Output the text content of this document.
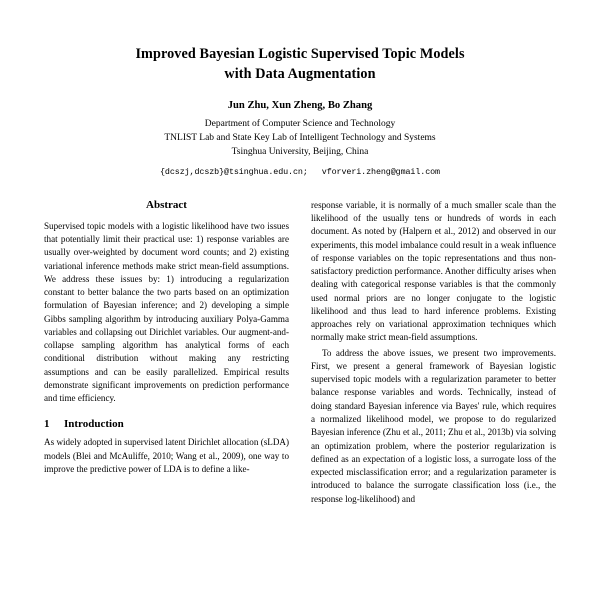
Improved Bayesian Logistic Supervised Topic Models
with Data Augmentation
Jun Zhu, Xun Zheng, Bo Zhang
Department of Computer Science and Technology
TNLIST Lab and State Key Lab of Intelligent Technology and Systems
Tsinghua University, Beijing, China
{dcszj,dcszb}@tsinghua.edu.cn; vforveri.zheng@gmail.com
Abstract

Supervised topic models with a logistic likelihood have two issues that potentially limit their practical use: 1) response variables are usually over-weighted by document word counts; and 2) existing variational inference methods make strict mean-field assumptions. We address these issues by: 1) introducing a regularization constant to better balance the two parts based on an optimization formulation of Bayesian inference; and 2) developing a simple Gibbs sampling algorithm by introducing auxiliary Polya-Gamma variables and collapsing out Dirichlet variables. Our augment-and-collapse sampling algorithm has analytical forms of each conditional distribution without making any restricting assumptions and can be easily parallelized. Empirical results demonstrate significant improvements on prediction performance and time efficiency.

1	Introduction

As widely adopted in supervised latent Dirichlet allocation (sLDA) models (Blei and McAuliffe, 2010; Wang et al., 2009), one way to improve the predictive power of LDA is to define a like-

response variable, it is normally of a much smaller scale than the likelihood of the usually tens or hundreds of words in each document. As noted by (Halpern et al., 2012) and observed in our experiments, this model imbalance could result in a weak influence of response variables on the topic representations and thus non-satisfactory prediction performance. Another difficulty arises when dealing with categorical response variables is that the commonly used normal priors are no longer conjugate to the logistic likelihood and thus lead to hard inference problems. Existing approaches rely on variational approximation techniques which normally make strict mean-field assumptions.

To address the above issues, we present two improvements. First, we present a general framework of Bayesian logistic supervised topic models with a regularization parameter to better balance response variables and words. Technically, instead of doing standard Bayesian inference via Bayes' rule, which requires a normalized likelihood model, we propose to do regularized Bayesian inference (Zhu et al., 2011; Zhu et al., 2013b) via solving an optimization problem, where the posterior regularization is defined as an expectation of a logistic loss, a surrogate loss of the expected misclassification error; and a regularization parameter is introduced to balance the surrogate classification loss (i.e., the response log-likelihood) and
